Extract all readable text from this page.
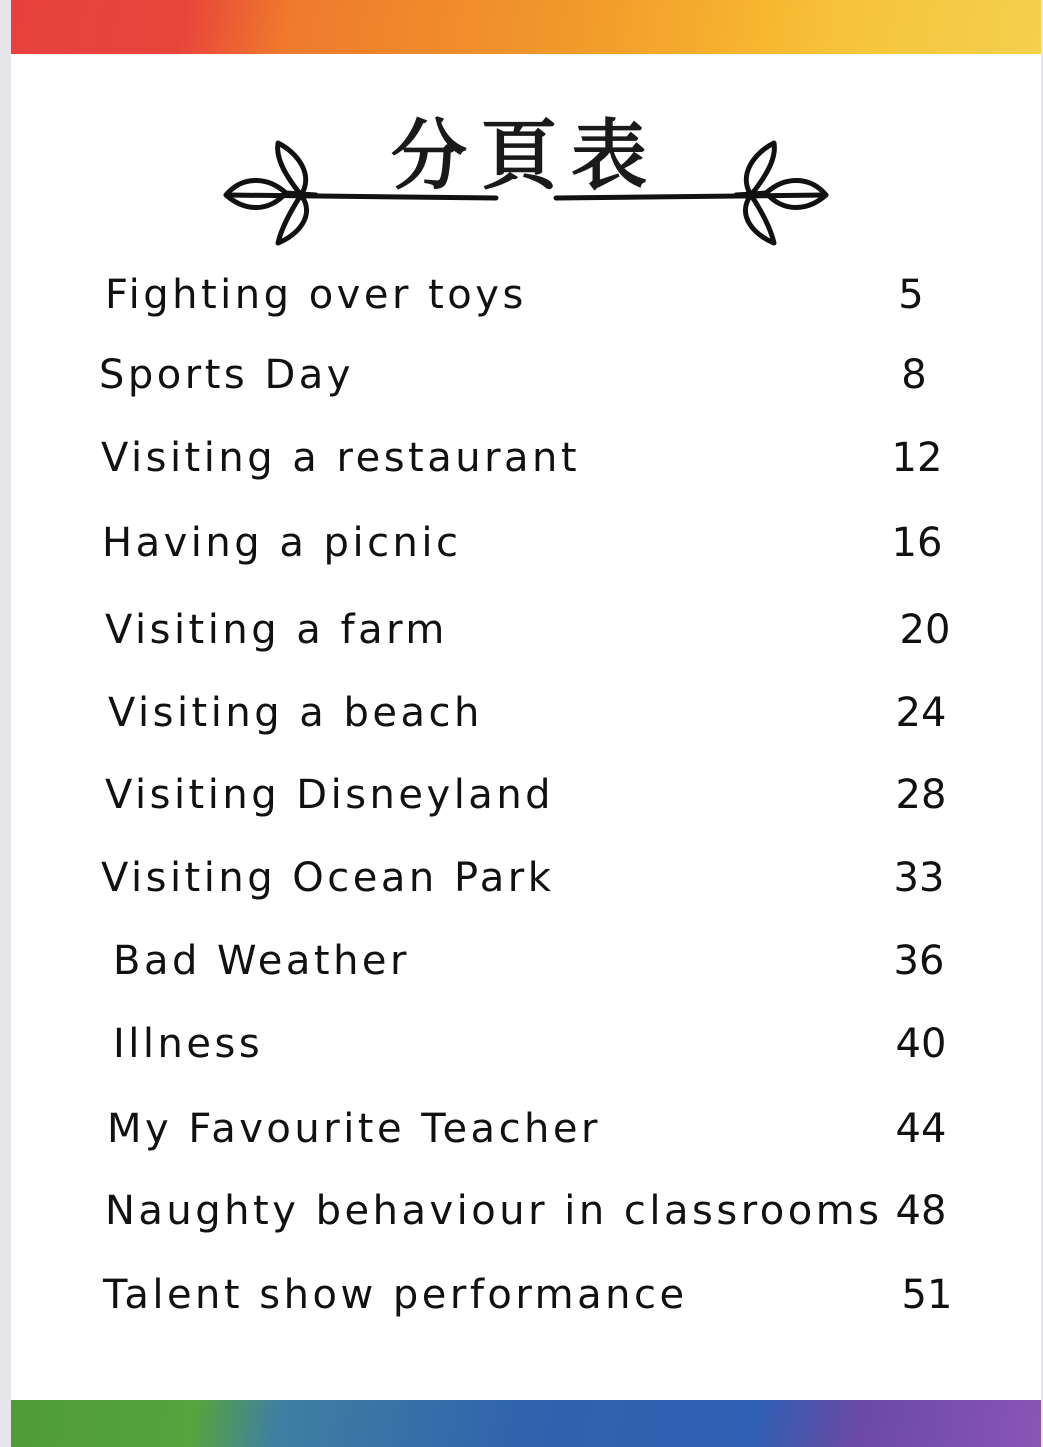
分頁表
Fighting over toys	5
Sports Day	8
Visiting a restaurant	12
Having a picnic	16
Visiting a farm	20
Visiting a beach	24
Visiting Disneyland	28
Visiting Ocean Park	33
Bad Weather	36
Illness	40
My Favourite Teacher	44
Naughty behaviour in classrooms 48
Talent show performance	51
